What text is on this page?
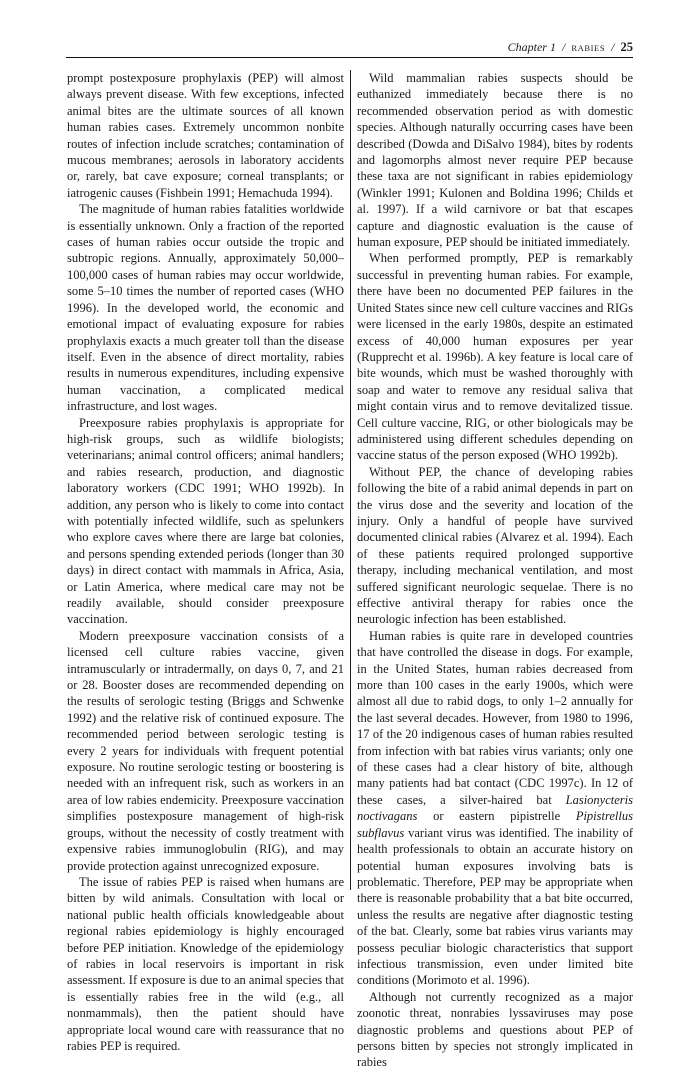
Chapter 1 / RABIES / 25

prompt postexposure prophylaxis (PEP) will almost always prevent disease. With few exceptions, infected animal bites are the ultimate sources of all known human rabies cases. Extremely uncommon nonbite routes of infection include scratches; contamination of mucous membranes; aerosols in laboratory accidents or, rarely, bat cave exposure; corneal transplants; or iatrogenic causes (Fishbein 1991; Hemachuda 1994).

The magnitude of human rabies fatalities worldwide is essentially unknown. Only a fraction of the reported cases of human rabies occur outside the tropic and subtropic regions. Annually, approximately 50,000–100,000 cases of human rabies may occur worldwide, some 5–10 times the number of reported cases (WHO 1996). In the developed world, the economic and emotional impact of evaluating exposure for rabies prophylaxis exacts a much greater toll than the disease itself. Even in the absence of direct mortality, rabies results in numerous expenditures, including expensive human vaccination, a complicated medical infrastructure, and lost wages.

Preexposure rabies prophylaxis is appropriate for high-risk groups, such as wildlife biologists; veterinarians; animal control officers; animal handlers; and rabies research, production, and diagnostic laboratory workers (CDC 1991; WHO 1992b). In addition, any person who is likely to come into contact with potentially infected wildlife, such as spelunkers who explore caves where there are large bat colonies, and persons spending extended periods (longer than 30 days) in direct contact with mammals in Africa, Asia, or Latin America, where medical care may not be readily available, should consider preexposure vaccination.

Modern preexposure vaccination consists of a licensed cell culture rabies vaccine, given intramuscularly or intradermally, on days 0, 7, and 21 or 28. Booster doses are recommended depending on the results of serologic testing (Briggs and Schwenke 1992) and the relative risk of continued exposure. The recommended period between serologic testing is every 2 years for individuals with frequent potential exposure. No routine serologic testing or boostering is needed with an infrequent risk, such as workers in an area of low rabies endemicity. Preexposure vaccination simplifies postexposure management of high-risk groups, without the necessity of costly treatment with expensive rabies immunoglobulin (RIG), and may provide protection against unrecognized exposure.

The issue of rabies PEP is raised when humans are bitten by wild animals. Consultation with local or national public health officials knowledgeable about regional rabies epidemiology is highly encouraged before PEP initiation. Knowledge of the epidemiology of rabies in local reservoirs is important in risk assessment. If exposure is due to an animal species that is essentially rabies free in the wild (e.g., all nonmammals), then the patient should have appropriate local wound care with reassurance that no rabies PEP is required.

Wild mammalian rabies suspects should be euthanized immediately because there is no recommended observation period as with domestic species. Although naturally occurring cases have been described (Dowda and DiSalvo 1984), bites by rodents and lagomorphs almost never require PEP because these taxa are not significant in rabies epidemiology (Winkler 1991; Kulonen and Boldina 1996; Childs et al. 1997). If a wild carnivore or bat that escapes capture and diagnostic evaluation is the cause of human exposure, PEP should be initiated immediately.

When performed promptly, PEP is remarkably successful in preventing human rabies. For example, there have been no documented PEP failures in the United States since new cell culture vaccines and RIGs were licensed in the early 1980s, despite an estimated excess of 40,000 human exposures per year (Rupprecht et al. 1996b). A key feature is local care of bite wounds, which must be washed thoroughly with soap and water to remove any residual saliva that might contain virus and to remove devitalized tissue. Cell culture vaccine, RIG, or other biologicals may be administered using different schedules depending on vaccine status of the person exposed (WHO 1992b).

Without PEP, the chance of developing rabies following the bite of a rabid animal depends in part on the virus dose and the severity and location of the injury. Only a handful of people have survived documented clinical rabies (Alvarez et al. 1994). Each of these patients required prolonged supportive therapy, including mechanical ventilation, and most suffered significant neurologic sequelae. There is no effective antiviral therapy for rabies once the neurologic infection has been established.

Human rabies is quite rare in developed countries that have controlled the disease in dogs. For example, in the United States, human rabies decreased from more than 100 cases in the early 1900s, which were almost all due to rabid dogs, to only 1–2 annually for the last several decades. However, from 1980 to 1996, 17 of the 20 indigenous cases of human rabies resulted from infection with bat rabies virus variants; only one of these cases had a clear history of bite, although many patients had bat contact (CDC 1997c). In 12 of these cases, a silver-haired bat Lasionycteris noctivagans or eastern pipistrelle Pipistrellus subflavus variant virus was identified. The inability of health professionals to obtain an accurate history on potential human exposures involving bats is problematic. Therefore, PEP may be appropriate when there is reasonable probability that a bat bite occurred, unless the results are negative after diagnostic testing of the bat. Clearly, some bat rabies virus variants may possess peculiar biologic characteristics that support infectious transmission, even under limited bite conditions (Morimoto et al. 1996).

Although not currently recognized as a major zoonotic threat, nonrabies lyssaviruses may pose diagnostic problems and questions about PEP of persons bitten by species not strongly implicated in rabies
